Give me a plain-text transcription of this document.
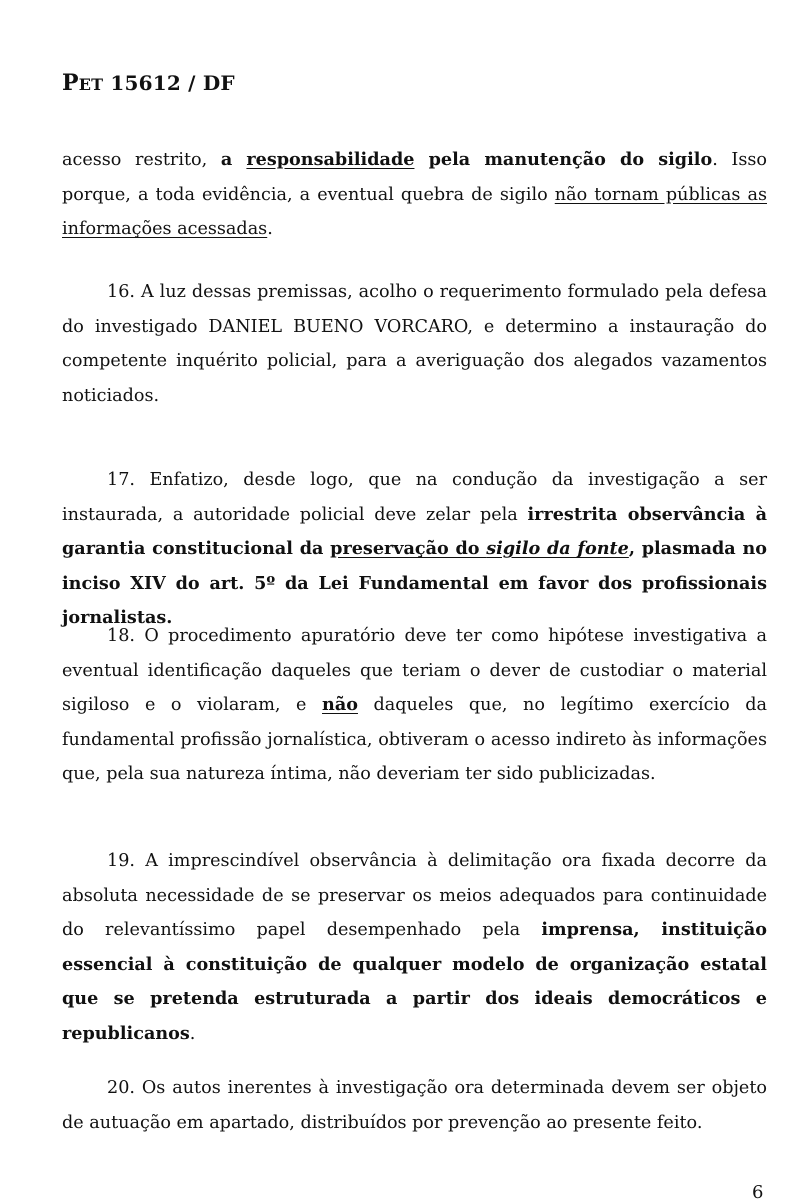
PET 15612 / DF

acesso restrito, a responsabilidade pela manutenção do sigilo. Isso porque, a toda evidência, a eventual quebra de sigilo não tornam públicas as informações acessadas.

16. A luz dessas premissas, acolho o requerimento formulado pela defesa do investigado DANIEL BUENO VORCARO, e determino a instauração do competente inquérito policial, para a averiguação dos alegados vazamentos noticiados.

17. Enfatizo, desde logo, que na condução da investigação a ser instaurada, a autoridade policial deve zelar pela irrestrita observância à garantia constitucional da preservação do sigilo da fonte, plasmada no inciso XIV do art. 5º da Lei Fundamental em favor dos profissionais jornalistas.

18. O procedimento apuratório deve ter como hipótese investigativa a eventual identificação daqueles que teriam o dever de custodiar o material sigiloso e o violaram, e não daqueles que, no legítimo exercício da fundamental profissão jornalística, obtiveram o acesso indireto às informações que, pela sua natureza íntima, não deveriam ter sido publicizadas.

19. A imprescindível observância à delimitação ora fixada decorre da absoluta necessidade de se preservar os meios adequados para continuidade do relevantíssimo papel desempenhado pela imprensa, instituição essencial à constituição de qualquer modelo de organização estatal que se pretenda estruturada a partir dos ideais democráticos e republicanos.

20. Os autos inerentes à investigação ora determinada devem ser objeto de autuação em apartado, distribuídos por prevenção ao presente feito.

6
